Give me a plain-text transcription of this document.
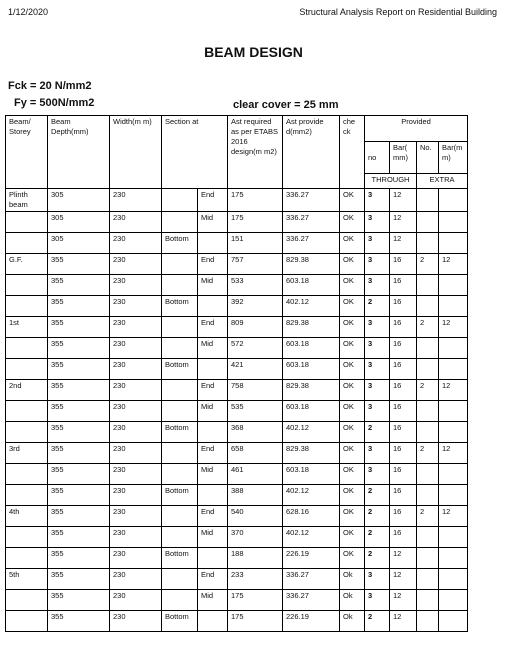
1/12/2020	Structural Analysis Report on Residential Building
BEAM DESIGN
Fck = 20 N/mm2
Fy = 500N/mm2	clear cover = 25 mm
Beam/ Storey	Beam Depth(mm)	Width(m m)	Section at		Ast required as per ETABS 2016 design(m m2)	Ast provide d(mm2)	che ck	Provided			
								no	Bar( mm)	No.	Bar(m m)
								THROUGH		EXTRA	
Plinth beam	305	230		End	175	336.27	OK	3	12		
	305	230		Mid	175	336.27	OK	3	12		
	305	230	Bottom		151	336.27	OK	3	12		
G.F.	355	230		End	757	829.38	OK	3	16	2	12
	355	230		Mid	533	603.18	OK	3	16		
	355	230	Bottom		392	402.12	OK	2	16		
1st	355	230		End	809	829.38	OK	3	16	2	12
	355	230		Mid	572	603.18	OK	3	16		
	355	230	Bottom		421	603.18	OK	3	16		
2nd	355	230		End	758	829.38	OK	3	16	2	12
	355	230		Mid	535	603.18	OK	3	16		
	355	230	Bottom		368	402.12	OK	2	16		
3rd	355	230		End	658	829.38	OK	3	16	2	12
	355	230		Mid	461	603.18	OK	3	16		
	355	230	Bottom		388	402.12	OK	2	16		
4th	355	230		End	540	628.16	OK	2	16	2	12
	355	230		Mid	370	402.12	OK	2	16		
	355	230	Bottom		188	226.19	OK	2	12		
5th	355	230		End	233	336.27	Ok	3	12		
	355	230		Mid	175	336.27	Ok	3	12		
	355	230	Bottom		175	226.19	Ok	2	12		
